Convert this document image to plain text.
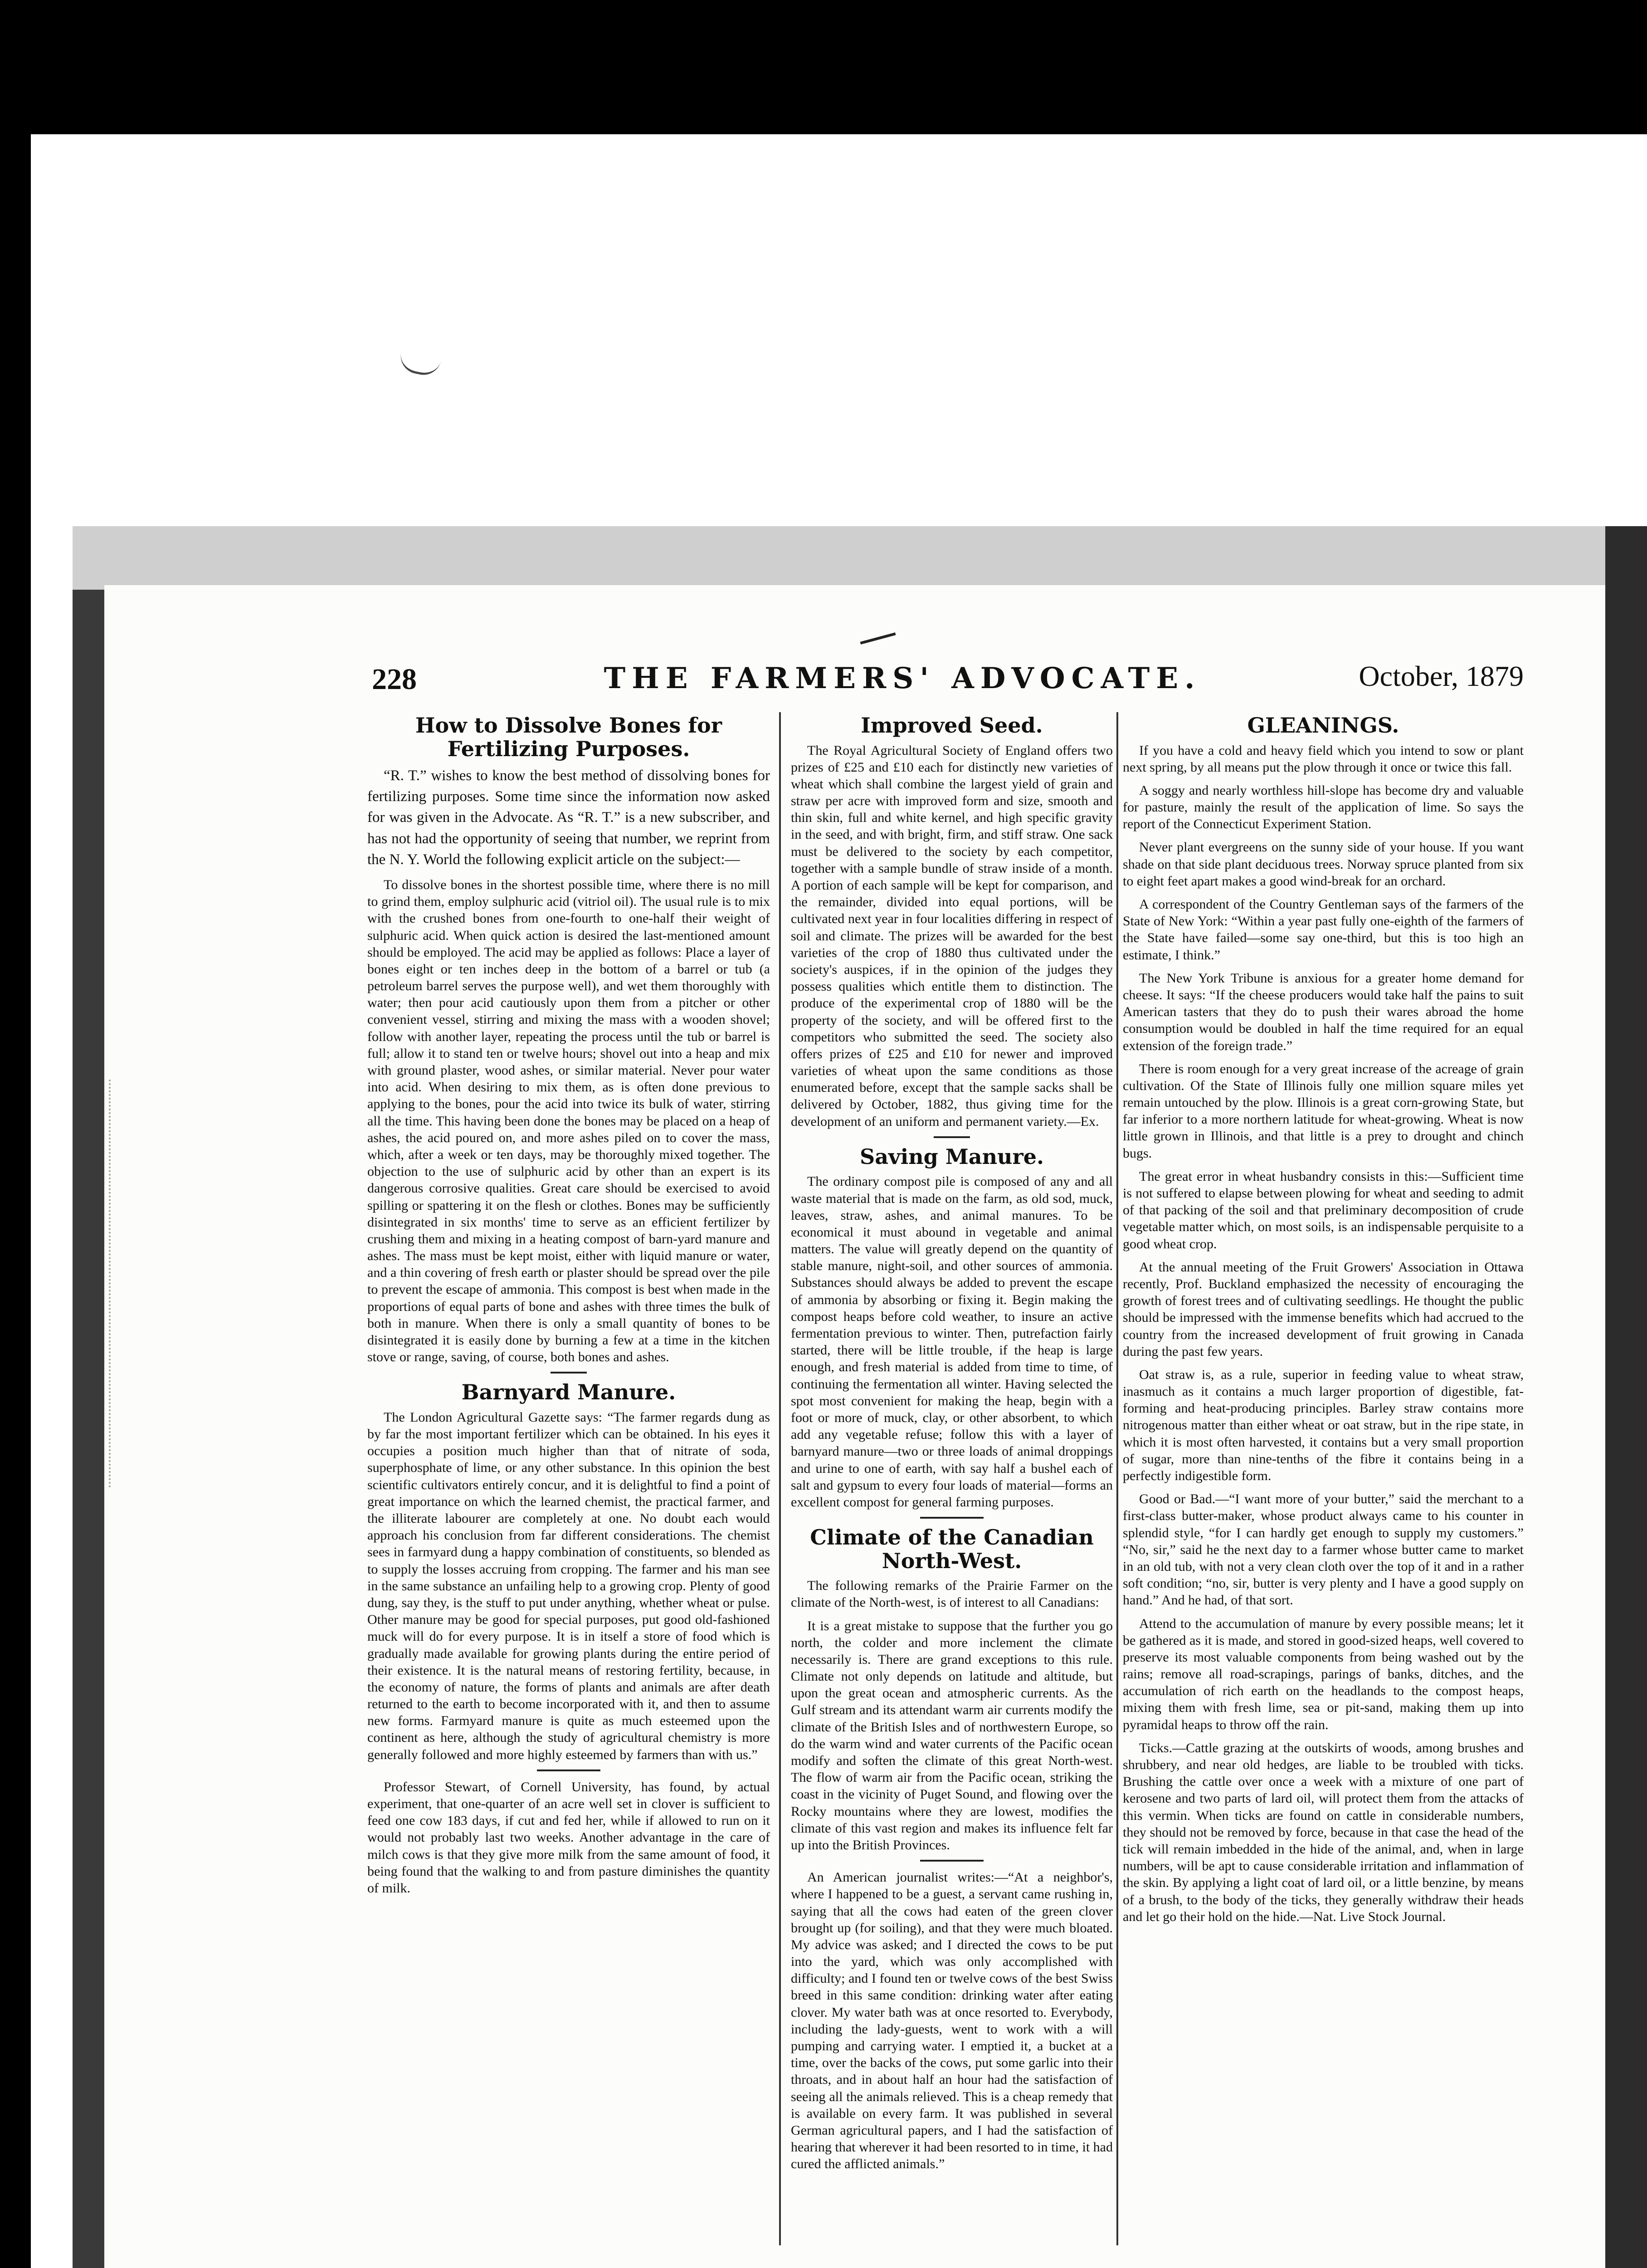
228	THE FARMERS' ADVOCATE.	October, 1879
How to Dissolve Bones for Fertilizing Purposes.

“R. T.” wishes to know the best method of dissolving bones for fertilizing purposes. Some time since the information now asked for was given in the Advocate. As “R. T.” is a new subscriber, and has not had the opportunity of seeing that number, we reprint from the N. Y. World the following explicit article on the subject:—

To dissolve bones in the shortest possible time, where there is no mill to grind them, employ sulphuric acid (vitriol oil). The usual rule is to mix with the crushed bones from one-fourth to one-half their weight of sulphuric acid. When quick action is desired the last-mentioned amount should be employed. The acid may be applied as follows: Place a layer of bones eight or ten inches deep in the bottom of a barrel or tub (a petroleum barrel serves the purpose well), and wet them thoroughly with water; then pour acid cautiously upon them from a pitcher or other convenient vessel, stirring and mixing the mass with a wooden shovel; follow with another layer, repeating the process until the tub or barrel is full; allow it to stand ten or twelve hours; shovel out into a heap and mix with ground plaster, wood ashes, or similar material. Never pour water into acid. When desiring to mix them, as is often done previous to applying to the bones, pour the acid into twice its bulk of water, stirring all the time. This having been done the bones may be placed on a heap of ashes, the acid poured on, and more ashes piled on to cover the mass, which, after a week or ten days, may be thoroughly mixed together. The objection to the use of sulphuric acid by other than an expert is its dangerous corrosive qualities. Great care should be exercised to avoid spilling or spattering it on the flesh or clothes. Bones may be sufficiently disintegrated in six months' time to serve as an efficient fertilizer by crushing them and mixing in a heating compost of barn-yard manure and ashes. The mass must be kept moist, either with liquid manure or water, and a thin covering of fresh earth or plaster should be spread over the pile to prevent the escape of ammonia. This compost is best when made in the proportions of equal parts of bone and ashes with three times the bulk of both in manure. When there is only a small quantity of bones to be disintegrated it is easily done by burning a few at a time in the kitchen stove or range, saving, of course, both bones and ashes.

Barnyard Manure.

The London Agricultural Gazette says: “The farmer regards dung as by far the most important fertilizer which can be obtained. In his eyes it occupies a position much higher than that of nitrate of soda, superphosphate of lime, or any other substance. In this opinion the best scientific cultivators entirely concur, and it is delightful to find a point of great importance on which the learned chemist, the practical farmer, and the illiterate labourer are completely at one. No doubt each would approach his conclusion from far different considerations. The chemist sees in farmyard dung a happy combination of constituents, so blended as to supply the losses accruing from cropping. The farmer and his man see in the same substance an unfailing help to a growing crop. Plenty of good dung, say they, is the stuff to put under anything, whether wheat or pulse. Other manure may be good for special purposes, put good old-fashioned muck will do for every purpose. It is in itself a store of food which is gradually made available for growing plants during the entire period of their existence. It is the natural means of restoring fertility, because, in the economy of nature, the forms of plants and animals are after death returned to the earth to become incorporated with it, and then to assume new forms. Farmyard manure is quite as much esteemed upon the continent as here, although the study of agricultural chemistry is more generally followed and more highly esteemed by farmers than with us.”

Professor Stewart, of Cornell University, has found, by actual experiment, that one-quarter of an acre well set in clover is sufficient to feed one cow 183 days, if cut and fed her, while if allowed to run on it would not probably last two weeks. Another advantage in the care of milch cows is that they give more milk from the same amount of food, it being found that the walking to and from pasture diminishes the quantity of milk.

Improved Seed.

The Royal Agricultural Society of England offers two prizes of £25 and £10 each for distinctly new varieties of wheat which shall combine the largest yield of grain and straw per acre with improved form and size, smooth and thin skin, full and white kernel, and high specific gravity in the seed, and with bright, firm, and stiff straw. One sack must be delivered to the society by each competitor, together with a sample bundle of straw inside of a month. A portion of each sample will be kept for comparison, and the remainder, divided into equal portions, will be cultivated next year in four localities differing in respect of soil and climate. The prizes will be awarded for the best varieties of the crop of 1880 thus cultivated under the society's auspices, if in the opinion of the judges they possess qualities which entitle them to distinction. The produce of the experimental crop of 1880 will be the property of the society, and will be offered first to the competitors who submitted the seed. The society also offers prizes of £25 and £10 for newer and improved varieties of wheat upon the same conditions as those enumerated before, except that the sample sacks shall be delivered by October, 1882, thus giving time for the development of an uniform and permanent variety.—Ex.

Saving Manure.

The ordinary compost pile is composed of any and all waste material that is made on the farm, as old sod, muck, leaves, straw, ashes, and animal manures. To be economical it must abound in vegetable and animal matters. The value will greatly depend on the quantity of stable manure, night-soil, and other sources of ammonia. Substances should always be added to prevent the escape of ammonia by absorbing or fixing it. Begin making the compost heaps before cold weather, to insure an active fermentation previous to winter. Then, putrefaction fairly started, there will be little trouble, if the heap is large enough, and fresh material is added from time to time, of continuing the fermentation all winter. Having selected the spot most convenient for making the heap, begin with a foot or more of muck, clay, or other absorbent, to which add any vegetable refuse; follow this with a layer of barnyard manure—two or three loads of animal droppings and urine to one of earth, with say half a bushel each of salt and gypsum to every four loads of material—forms an excellent compost for general farming purposes.

Climate of the Canadian North-West.

The following remarks of the Prairie Farmer on the climate of the North-west, is of interest to all Canadians:

It is a great mistake to suppose that the further you go north, the colder and more inclement the climate necessarily is. There are grand exceptions to this rule. Climate not only depends on latitude and altitude, but upon the great ocean and atmospheric currents. As the Gulf stream and its attendant warm air currents modify the climate of the British Isles and of northwestern Europe, so do the warm wind and water currents of the Pacific ocean modify and soften the climate of this great North-west. The flow of warm air from the Pacific ocean, striking the coast in the vicinity of Puget Sound, and flowing over the Rocky mountains where they are lowest, modifies the climate of this vast region and makes its influence felt far up into the British Provinces.

An American journalist writes:—“At a neighbor's, where I happened to be a guest, a servant came rushing in, saying that all the cows had eaten of the green clover brought up (for soiling), and that they were much bloated. My advice was asked; and I directed the cows to be put into the yard, which was only accomplished with difficulty; and I found ten or twelve cows of the best Swiss breed in this same condition: drinking water after eating clover. My water bath was at once resorted to. Everybody, including the lady-guests, went to work with a will pumping and carrying water. I emptied it, a bucket at a time, over the backs of the cows, put some garlic into their throats, and in about half an hour had the satisfaction of seeing all the animals relieved. This is a cheap remedy that is available on every farm. It was published in several German agricultural papers, and I had the satisfaction of hearing that wherever it had been resorted to in time, it had cured the afflicted animals.”

GLEANINGS.

If you have a cold and heavy field which you intend to sow or plant next spring, by all means put the plow through it once or twice this fall.

A soggy and nearly worthless hill-slope has become dry and valuable for pasture, mainly the result of the application of lime. So says the report of the Connecticut Experiment Station.

Never plant evergreens on the sunny side of your house. If you want shade on that side plant deciduous trees. Norway spruce planted from six to eight feet apart makes a good wind-break for an orchard.

A correspondent of the Country Gentleman says of the farmers of the State of New York: “Within a year past fully one-eighth of the farmers of the State have failed—some say one-third, but this is too high an estimate, I think.”

The New York Tribune is anxious for a greater home demand for cheese. It says: “If the cheese producers would take half the pains to suit American tasters that they do to push their wares abroad the home consumption would be doubled in half the time required for an equal extension of the foreign trade.”

There is room enough for a very great increase of the acreage of grain cultivation. Of the State of Illinois fully one million square miles yet remain untouched by the plow. Illinois is a great corn-growing State, but far inferior to a more northern latitude for wheat-growing. Wheat is now little grown in Illinois, and that little is a prey to drought and chinch bugs.

The great error in wheat husbandry consists in this:—Sufficient time is not suffered to elapse between plowing for wheat and seeding to admit of that packing of the soil and that preliminary decomposition of crude vegetable matter which, on most soils, is an indispensable perquisite to a good wheat crop.

At the annual meeting of the Fruit Growers' Association in Ottawa recently, Prof. Buckland emphasized the necessity of encouraging the growth of forest trees and of cultivating seedlings. He thought the public should be impressed with the immense benefits which had accrued to the country from the increased development of fruit growing in Canada during the past few years.

Oat straw is, as a rule, superior in feeding value to wheat straw, inasmuch as it contains a much larger proportion of digestible, fat-forming and heat-producing principles. Barley straw contains more nitrogenous matter than either wheat or oat straw, but in the ripe state, in which it is most often harvested, it contains but a very small proportion of sugar, more than nine-tenths of the fibre it contains being in a perfectly indigestible form.

Good or Bad.—“I want more of your butter,” said the merchant to a first-class butter-maker, whose product always came to his counter in splendid style, “for I can hardly get enough to supply my customers.” “No, sir,” said he the next day to a farmer whose butter came to market in an old tub, with not a very clean cloth over the top of it and in a rather soft condition; “no, sir, butter is very plenty and I have a good supply on hand.” And he had, of that sort.

Attend to the accumulation of manure by every possible means; let it be gathered as it is made, and stored in good-sized heaps, well covered to preserve its most valuable components from being washed out by the rains; remove all road-scrapings, parings of banks, ditches, and the accumulation of rich earth on the headlands to the compost heaps, mixing them with fresh lime, sea or pit-sand, making them up into pyramidal heaps to throw off the rain.

Ticks.—Cattle grazing at the outskirts of woods, among brushes and shrubbery, and near old hedges, are liable to be troubled with ticks. Brushing the cattle over once a week with a mixture of one part of kerosene and two parts of lard oil, will protect them from the attacks of this vermin. When ticks are found on cattle in considerable numbers, they should not be removed by force, because in that case the head of the tick will remain imbedded in the hide of the animal, and, when in large numbers, will be apt to cause considerable irritation and inflammation of the skin. By applying a light coat of lard oil, or a little benzine, by means of a brush, to the body of the ticks, they generally withdraw their heads and let go their hold on the hide.—Nat. Live Stock Journal.
